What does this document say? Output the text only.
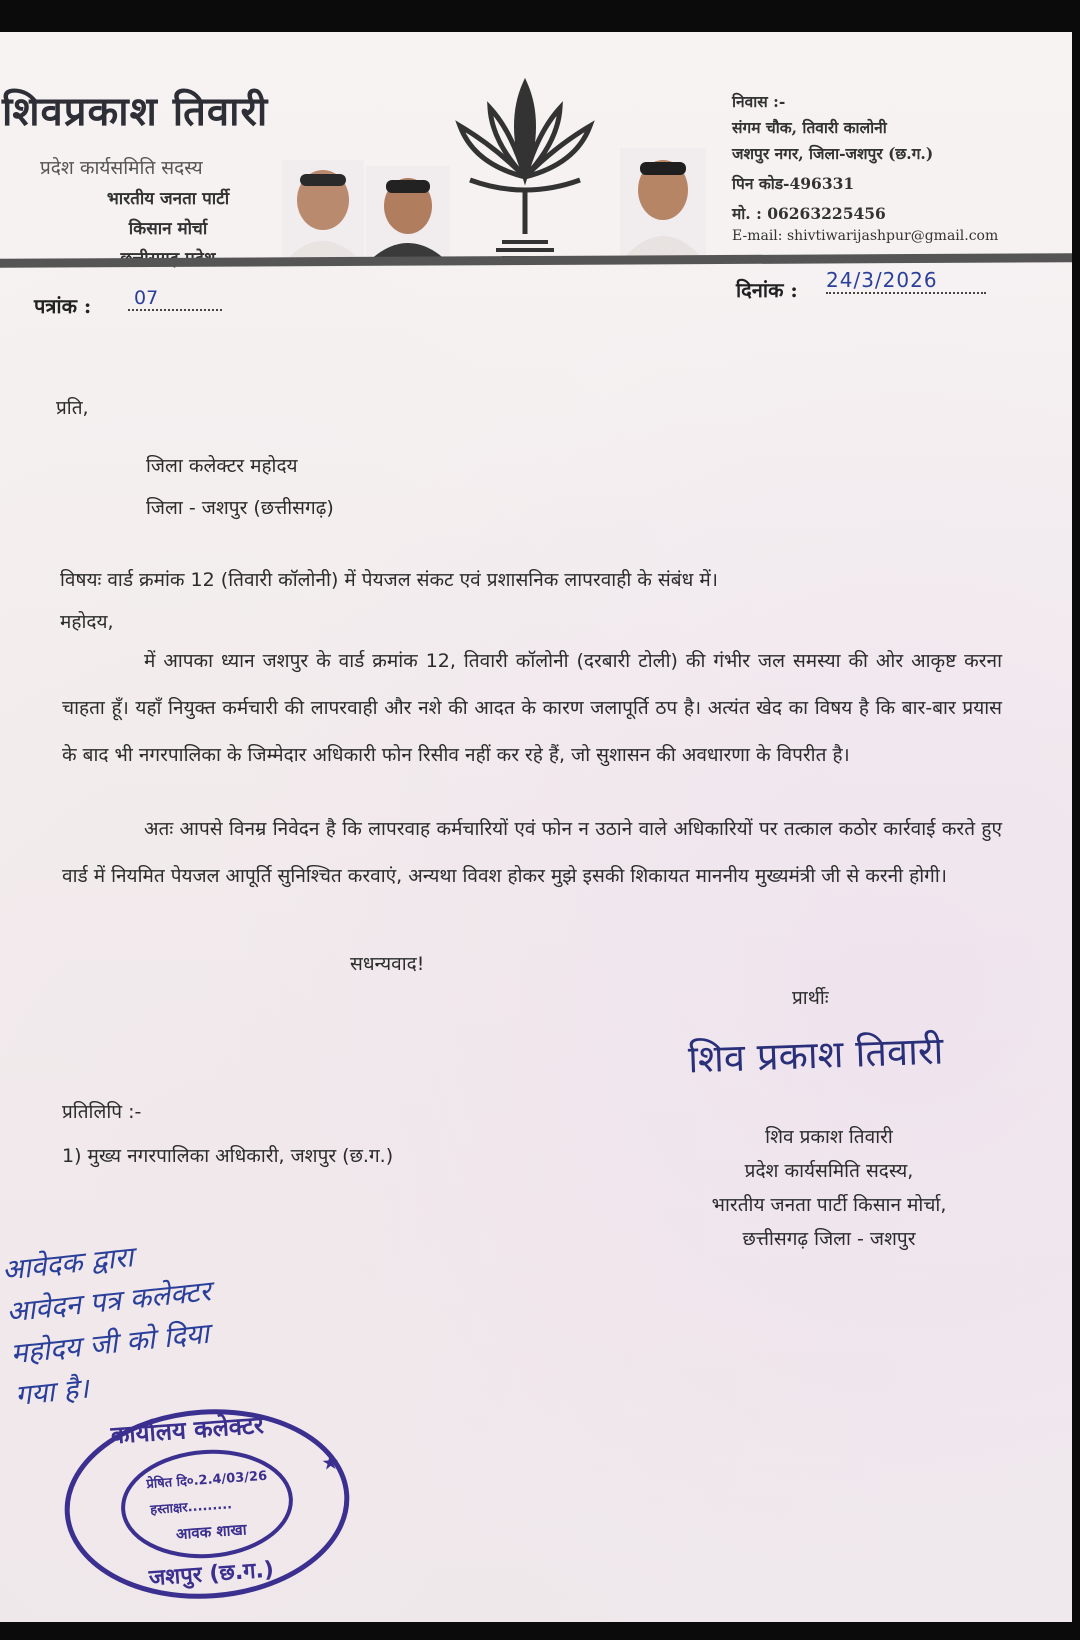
शिवप्रकाश तिवारी
प्रदेश कार्यसमिति सदस्य
भारतीय जनता पार्टी
किसान मोर्चा
निवास :-
संगम चौक, तिवारी कालोनी
जशपुर नगर, जिला-जशपुर (छ.ग.)
पिन कोड-496331
मो. : 06263225456
E-mail: shivtiwarijashpur@gmail.com
पत्रांक :	07	दिनांक : 24/3/2026
प्रति,
जिला कलेक्टर महोदय
जिला - जशपुर (छत्तीसगढ़)
विषयः वार्ड क्रमांक 12 (तिवारी कॉलोनी) में पेयजल संकट एवं प्रशासनिक लापरवाही के संबंध में।
महोदय,
में आपका ध्यान जशपुर के वार्ड क्रमांक 12, तिवारी कॉलोनी (दरबारी टोली) की गंभीर जल समस्या की ओर आकृष्ट करना चाहता हूँ। यहाँ नियुक्त कर्मचारी की लापरवाही और नशे की आदत के कारण जलापूर्ति ठप है। अत्यंत खेद का विषय है कि बार-बार प्रयास के बाद भी नगरपालिका के जिम्मेदार अधिकारी फोन रिसीव नहीं कर रहे हैं, जो सुशासन की अवधारणा के विपरीत है।
अतः आपसे विनम्र निवेदन है कि लापरवाह कर्मचारियों एवं फोन न उठाने वाले अधिकारियों पर तत्काल कठोर कार्रवाई करते हुए वार्ड में नियमित पेयजल आपूर्ति सुनिश्चित करवाएं, अन्यथा विवश होकर मुझे इसकी शिकायत माननीय मुख्यमंत्री जी से करनी होगी।
सधन्यवाद!
प्रार्थीः
शिव प्रकाश तिवारी
शिव प्रकाश तिवारी
प्रदेश कार्यसमिति सदस्य,
भारतीय जनता पार्टी किसान मोर्चा,
छत्तीसगढ़ जिला - जशपुर
प्रतिलिपि :-
1) मुख्य नगरपालिका अधिकारी, जशपुर (छ.ग.)
आवेदक द्वारा
आवेदन पत्र कलेक्टर
महोदय जी को दिया
गया है।
★
कार्यालय कलेक्टर
प्रेषित दि०.2.4/03/26
हस्ताक्षर.........
आवक शाखा
जशपुर (छ.ग.)
